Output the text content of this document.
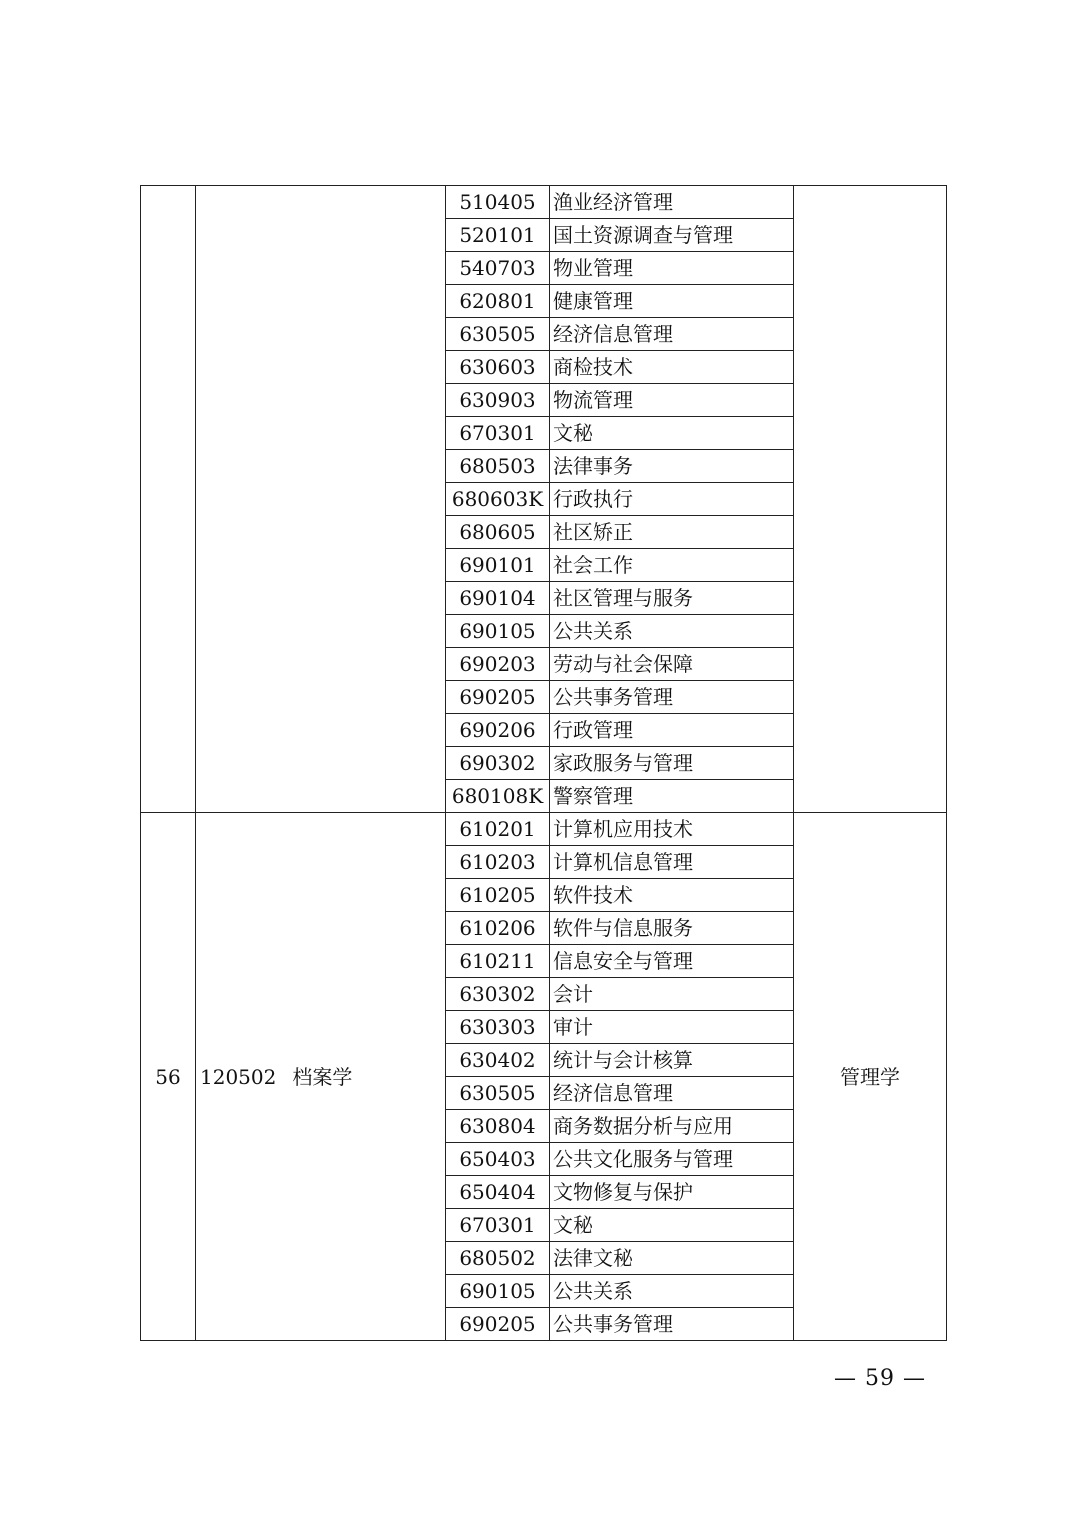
		510405	渔业经济管理	
		520101	国土资源调查与管理	
		540703	物业管理	
		620801	健康管理	
		630505	经济信息管理	
		630603	商检技术	
		630903	物流管理	
		670301	文秘	
		680503	法律事务	
		680603K	行政执行	
		680605	社区矫正	
		690101	社会工作	
		690104	社区管理与服务	
		690105	公共关系	
		690203	劳动与社会保障	
		690205	公共事务管理	
		690206	行政管理	
		690302	家政服务与管理	
		680108K	警察管理	
56	120502 档案学	610201	计算机应用技术	管理学
		610203	计算机信息管理	
		610205	软件技术	
		610206	软件与信息服务	
		610211	信息安全与管理	
		630302	会计	
		630303	审计	
		630402	统计与会计核算	
		630505	经济信息管理	
		630804	商务数据分析与应用	
		650403	公共文化服务与管理	
		650404	文物修复与保护	
		670301	文秘	
		680502	法律文秘	
		690105	公共关系	
		690205	公共事务管理	
— 59 —
